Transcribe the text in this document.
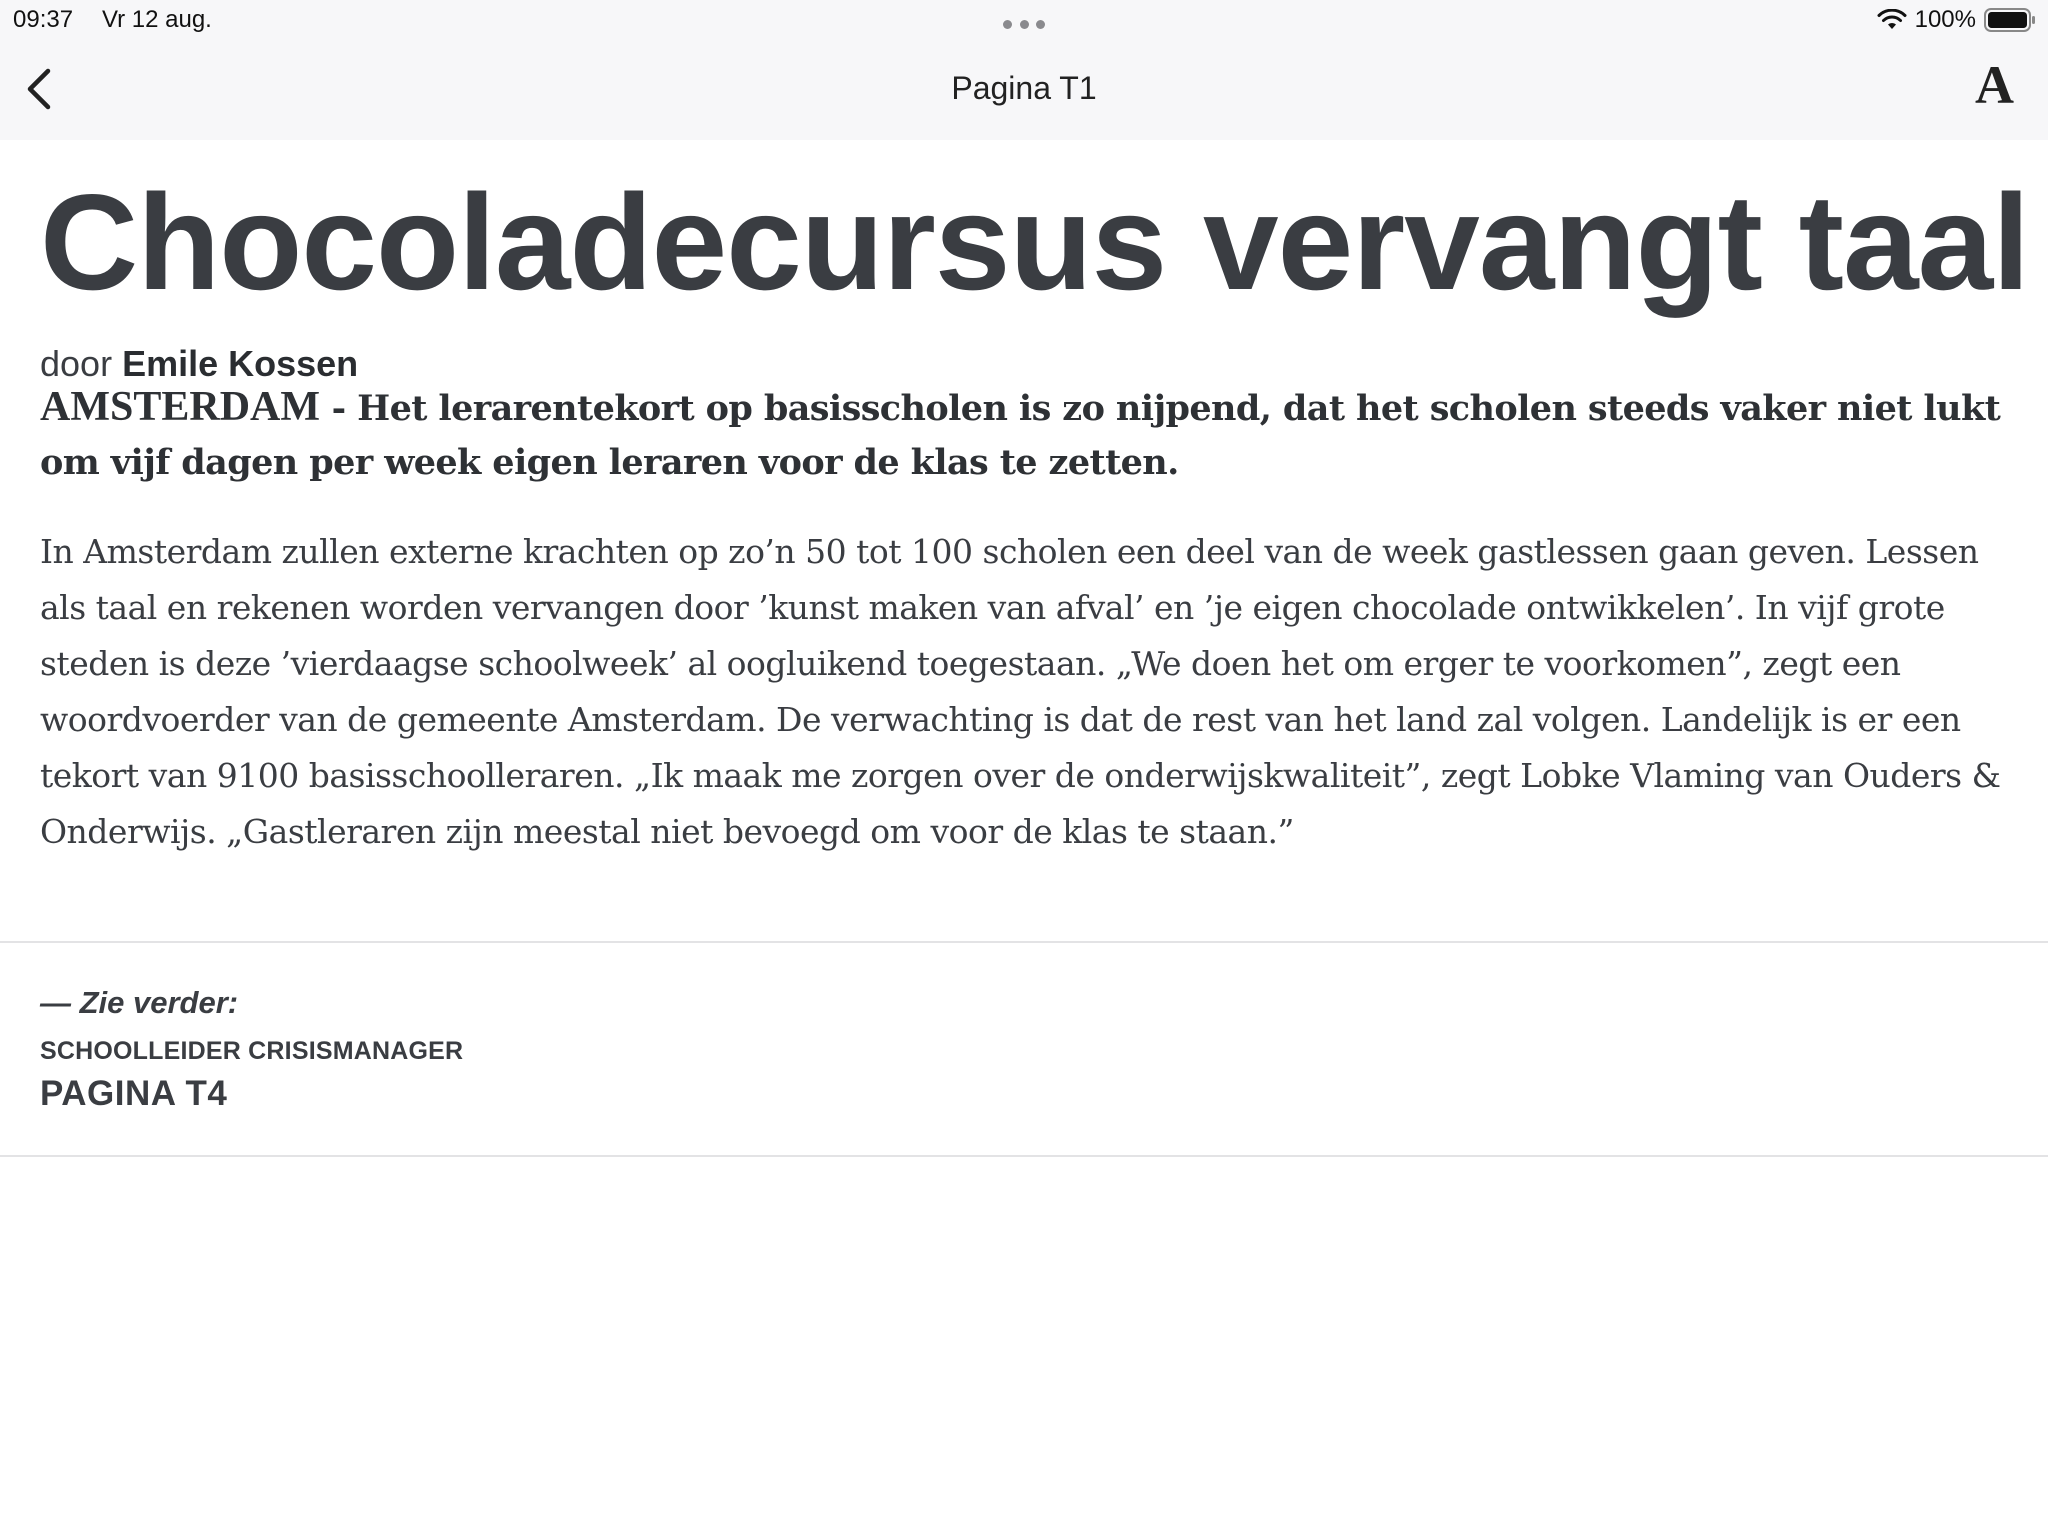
09:37 Vr 12 aug.	100%
Pagina T1	A
Chocoladecursus vervangt taal
door Emile Kossen
AMSTERDAM - Het lerarentekort op basisscholen is zo nijpend, dat het scholen steeds vaker niet lukt om vijf dagen per week eigen leraren voor de klas te zetten.
In Amsterdam zullen externe krachten op zo’n 50 tot 100 scholen een deel van de week gastlessen gaan geven. Lessen als taal en rekenen worden vervangen door ’kunst maken van afval’ en ’je eigen chocolade ontwikkelen’. In vijf grote steden is deze ’vierdaagse schoolweek’ al oogluikend toegestaan. „We doen het om erger te voorkomen”, zegt een woordvoerder van de gemeente Amsterdam. De verwachting is dat de rest van het land zal volgen. Landelijk is er een tekort van 9100 basisschoolleraren. „Ik maak me zorgen over de onderwijskwaliteit”, zegt Lobke Vlaming van Ouders & Onderwijs. „Gastleraren zijn meestal niet bevoegd om voor de klas te staan.”
— Zie verder:
SCHOOLLEIDER CRISISMANAGER
PAGINA T4
